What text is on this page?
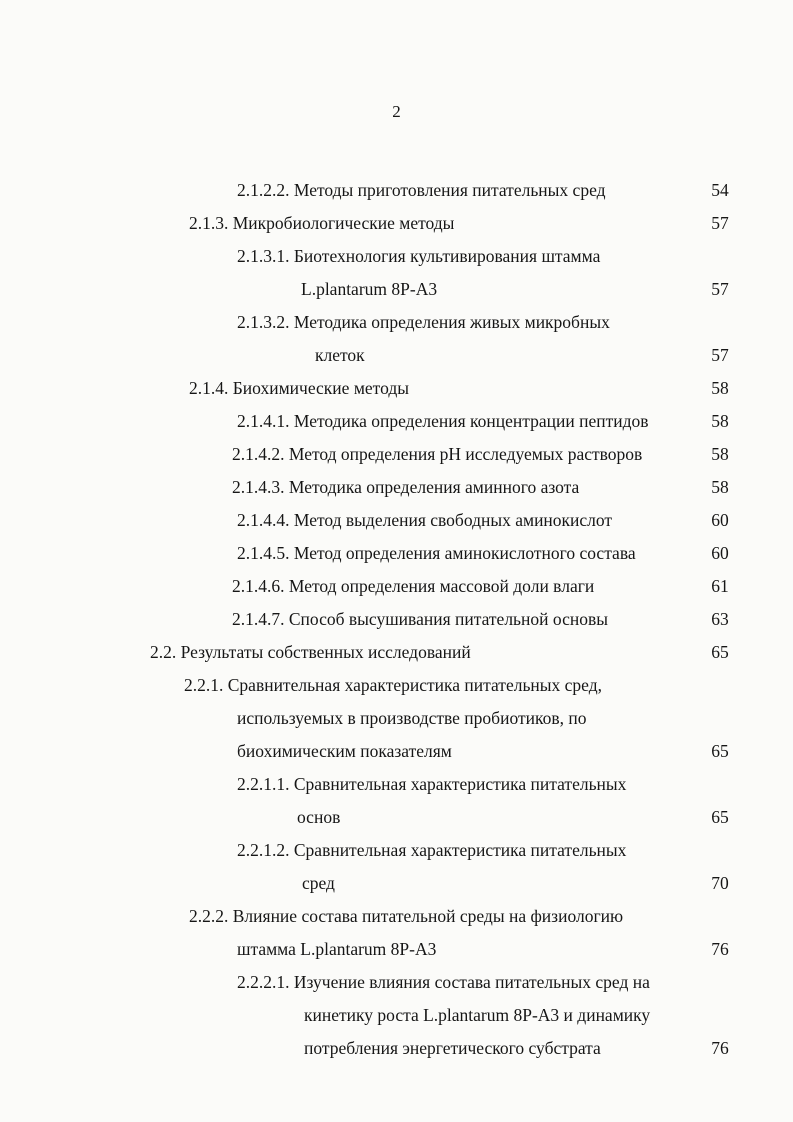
2
2.1.2.2. Методы приготовления питательных сред	54
2.1.3. Микробиологические методы	57
2.1.3.1. Биотехнология культивирования штамма
L.plantarum 8Р-А3	57
2.1.3.2. Методика определения живых микробных
клеток	57
2.1.4. Биохимические методы	58
2.1.4.1. Методика определения концентрации пептидов	58
2.1.4.2. Метод определения рН исследуемых растворов	58
2.1.4.3. Методика определения аминного азота	58
2.1.4.4. Метод выделения свободных аминокислот	60
2.1.4.5. Метод определения аминокислотного состава	60
2.1.4.6. Метод определения массовой доли влаги	61
2.1.4.7. Способ высушивания питательной основы	63
2.2. Результаты собственных исследований	65
2.2.1. Сравнительная характеристика питательных сред,
используемых в производстве пробиотиков, по
биохимическим показателям	65
2.2.1.1. Сравнительная характеристика питательных
основ	65
2.2.1.2. Сравнительная характеристика питательных
сред	70
2.2.2. Влияние состава питательной среды на физиологию
штамма L.plantarum 8Р-А3	76
2.2.2.1. Изучение влияния состава питательных сред на
кинетику роста L.plantarum 8Р-А3 и динамику
потребления энергетического субстрата	76
